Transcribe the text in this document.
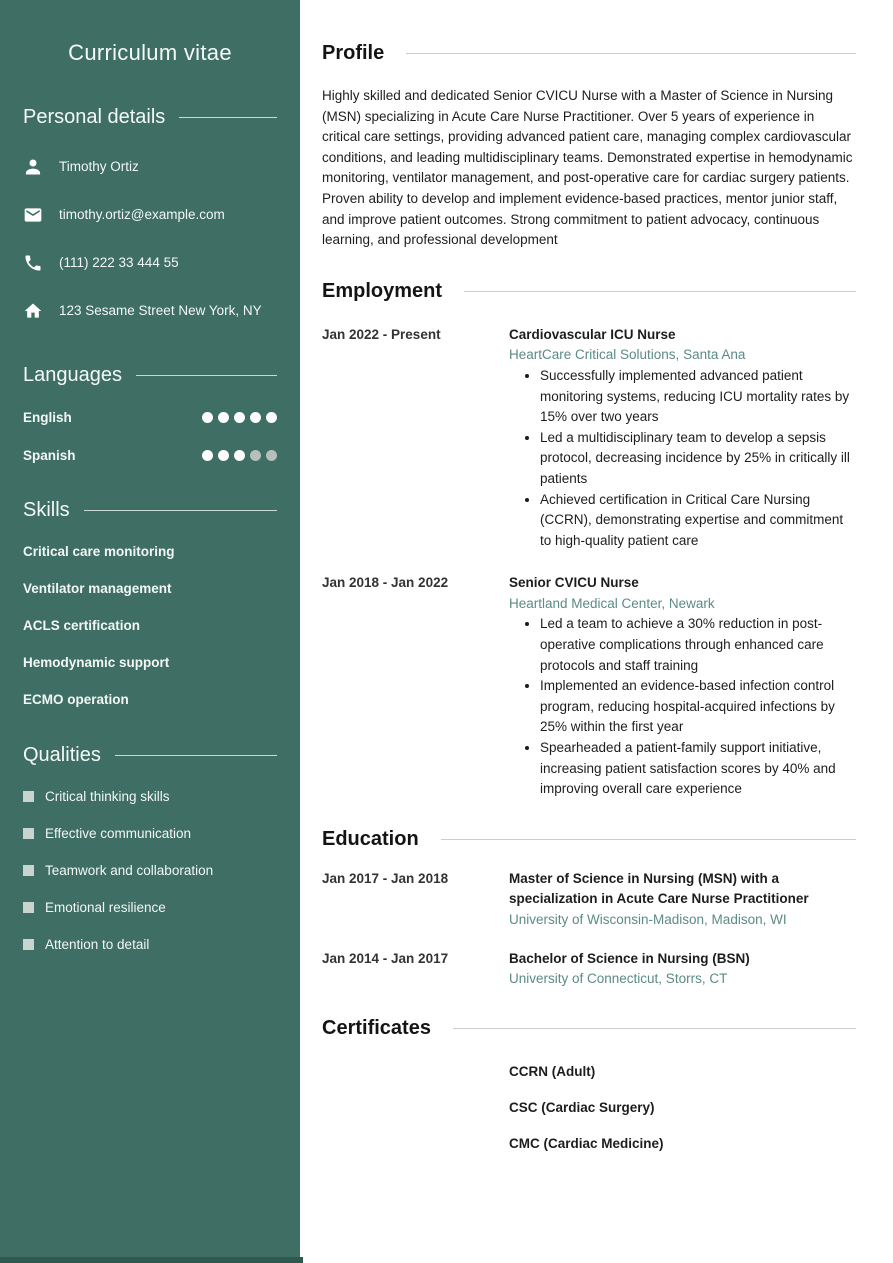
Curriculum vitae
Personal details
Timothy Ortiz
timothy.ortiz@example.com
(111) 222 33 444 55
123 Sesame Street New York, NY
Languages
English
Spanish
Skills
Critical care monitoring
Ventilator management
ACLS certification
Hemodynamic support
ECMO operation
Qualities
Critical thinking skills
Effective communication
Teamwork and collaboration
Emotional resilience
Attention to detail
Profile

Highly skilled and dedicated Senior CVICU Nurse with a Master of Science in Nursing (MSN) specializing in Acute Care Nurse Practitioner. Over 5 years of experience in critical care settings, providing advanced patient care, managing complex cardiovascular conditions, and leading multidisciplinary teams. Demonstrated expertise in hemodynamic monitoring, ventilator management, and post-operative care for cardiac surgery patients. Proven ability to develop and implement evidence-based practices, mentor junior staff, and improve patient outcomes. Strong commitment to patient advocacy, continuous learning, and professional development

Employment
Jan 2022 - Present	Cardiovascular ICU Nurse
HeartCare Critical Solutions, Santa Ana
• Successfully implemented advanced patient monitoring systems, reducing ICU mortality rates by 15% over two years
• Led a multidisciplinary team to develop a sepsis protocol, decreasing incidence by 25% in critically ill patients
• Achieved certification in Critical Care Nursing (CCRN), demonstrating expertise and commitment to high-quality patient care
Jan 2018 - Jan 2022	Senior CVICU Nurse
Heartland Medical Center, Newark
• Led a team to achieve a 30% reduction in post-operative complications through enhanced care protocols and staff training
• Implemented an evidence-based infection control program, reducing hospital-acquired infections by 25% within the first year
• Spearheaded a patient-family support initiative, increasing patient satisfaction scores by 40% and improving overall care experience
Education
Jan 2017 - Jan 2018	Master of Science in Nursing (MSN) with a specialization in Acute Care Nurse Practitioner
University of Wisconsin-Madison, Madison, WI
Jan 2014 - Jan 2017	Bachelor of Science in Nursing (BSN)
University of Connecticut, Storrs, CT
Certificates
CCRN (Adult)
CSC (Cardiac Surgery)
CMC (Cardiac Medicine)
